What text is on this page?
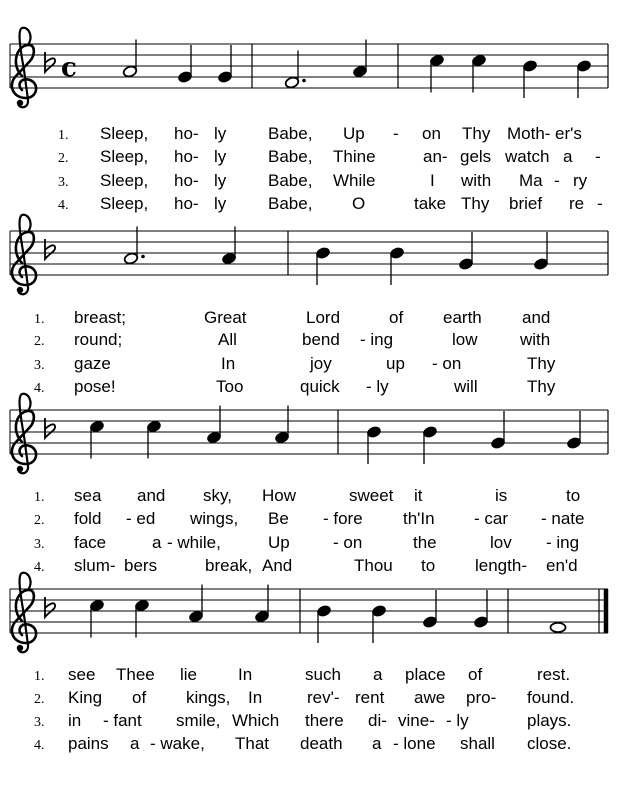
c
1. Sleep, ho- ly Babe, Up - on Thy Moth- er's
2. Sleep, ho- ly Babe, Thine	an- gels watch a -
3. Sleep, ho- ly Babe, While	I with Ma - ry
4. Sleep, ho- ly Babe, O	take Thy brief re -
1. breast;	Great	Lord	of earth and
2. round;	All	bend - ing	low with
3. gaze	In	joy	up - on	Thy
4. pose!	Too	quick - ly	will	Thy
1. sea and sky, How	sweet it	is	to
2. fold - ed wings, Be - fore th'In - car - nate
3. face	a - while,	Up	- on	the	lov - ing
4. slum- bers	break, And	Thou to length- en'd
1. see Thee lie In	such a place of	rest.
2. King of kings, In	rev'- rent awe pro- found.
3. in - fant smile, Which there di- vine- - ly	plays.
4. pains a - wake, That death a - lone shall close.
